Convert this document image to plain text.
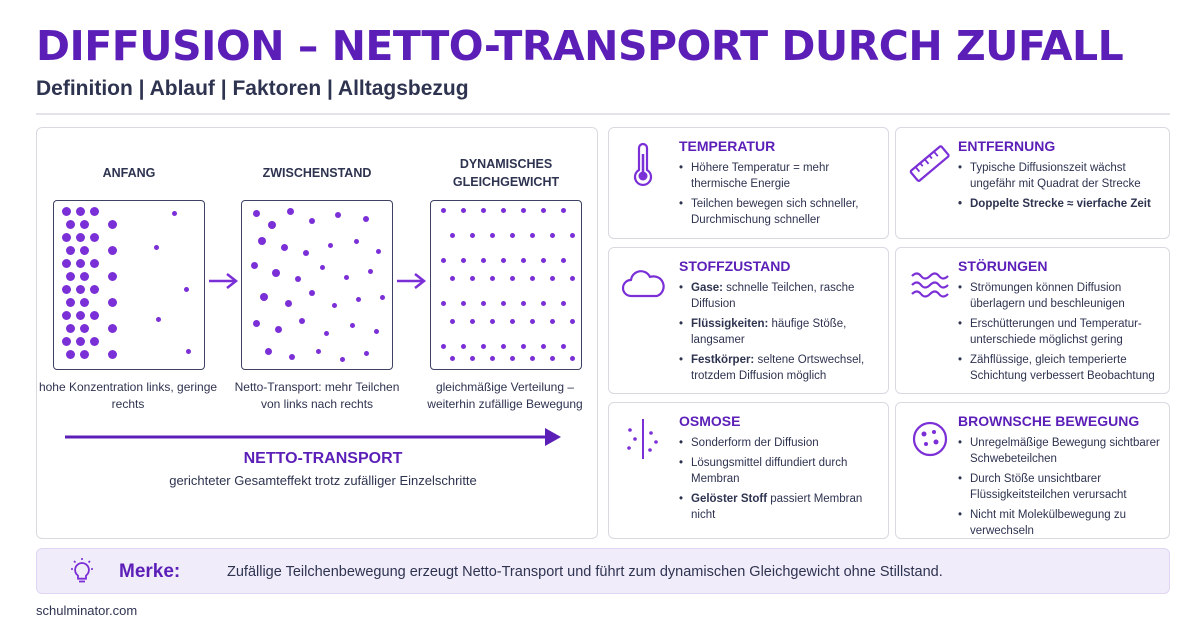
DIFFUSION – NETTO-TRANSPORT DURCH ZUFALL
Definition | Ablauf | Faktoren | Alltagsbezug
ANFANG	ZWISCHENSTAND
DYNAMISCHES GLEICHGEWICHT
hohe Konzentration links, geringe rechts
Netto-Transport: mehr Teilchen von links nach rechts
gleichmäßige Verteilung – weiterhin zufällige Bewegung
NETTO-TRANSPORT
gerichteter Gesamteffekt trotz zufälliger Einzelschritte
TEMPERATUR
• Höhere Temperatur = mehr thermische Energie
• Teilchen bewegen sich schneller, Durchmischung schneller
ENTFERNUNG
• Typische Diffusionszeit wächst ungefähr mit Quadrat der Strecke
• Doppelte Strecke ≈ vierfache Zeit
STOFFZUSTAND
• Gase: schnelle Teilchen, rasche Diffusion
• Flüssigkeiten: häufige Stöße, langsamer
• Festkörper: seltene Ortswechsel, trotzdem Diffusion möglich
STÖRUNGEN
• Strömungen können Diffusion überlagern und beschleunigen
• Erschütterungen und Temperatur-unterschiede möglichst gering
• Zähflüssige, gleich temperierte Schichtung verbessert Beobachtung
OSMOSE
• Sonderform der Diffusion
• Lösungsmittel diffundiert durch Membran
• Gelöster Stoff passiert Membran nicht
BROWNSCHE BEWEGUNG
• Unregelmäßige Bewegung sichtbarer Schwebeteilchen
• Durch Stöße unsichtbarer Flüssigkeitsteilchen verursacht
• Nicht mit Molekülbewegung zu verwechseln
Merke:	Zufällige Teilchenbewegung erzeugt Netto-Transport und führt zum dynamischen Gleichgewicht ohne Stillstand.
schulminator.com
